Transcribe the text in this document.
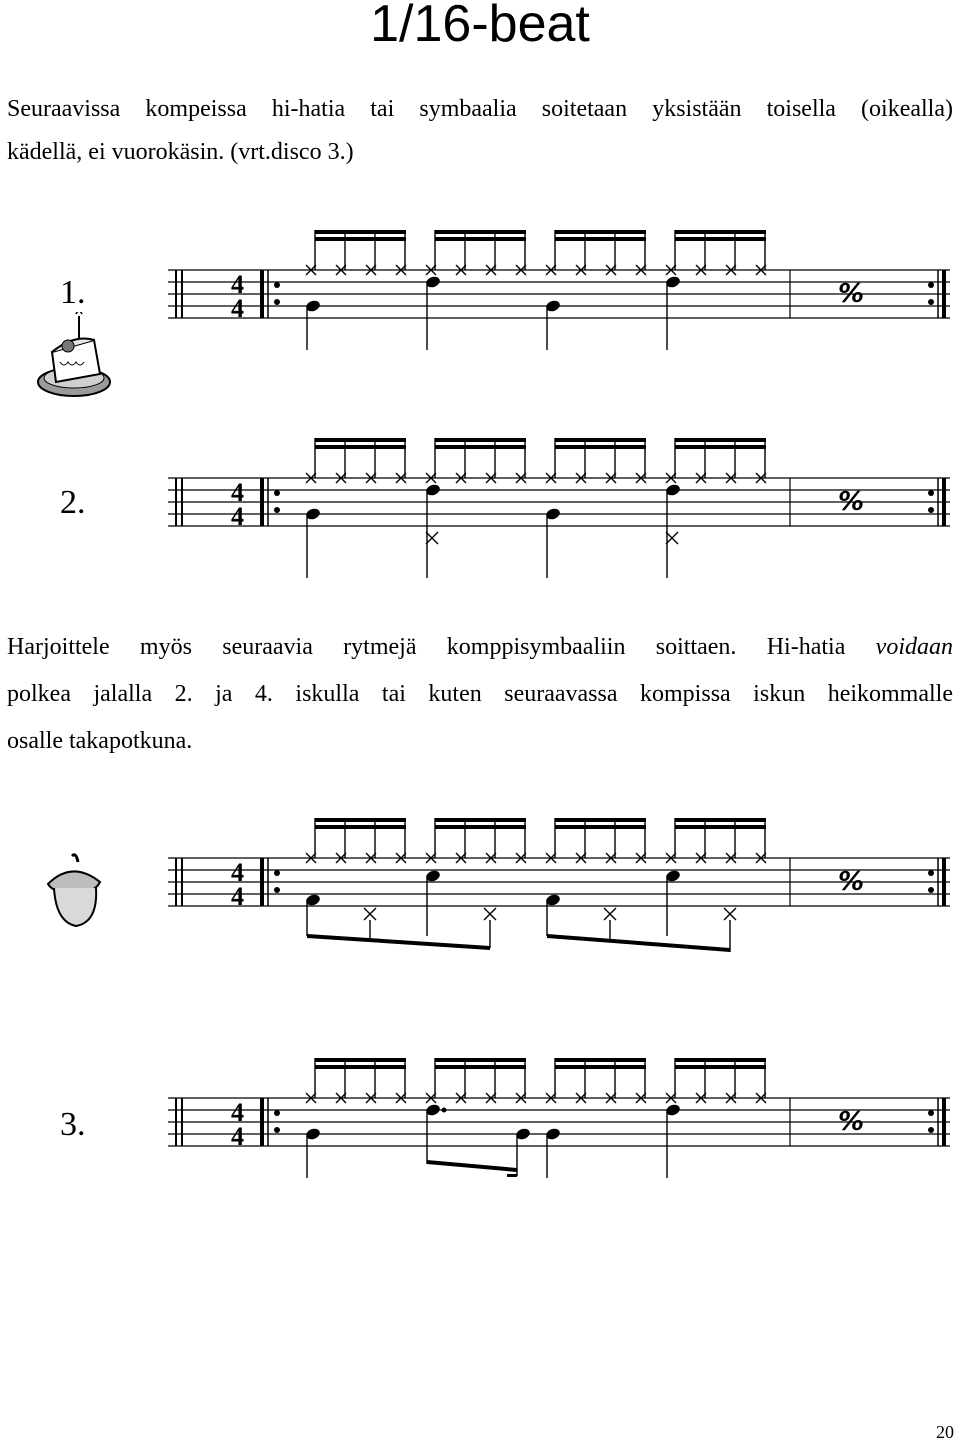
1/16-beat
Seuraavissa kompeissa hi-hatia tai symbaalia soitetaan yksistään toisella (oikealla)
kädellä, ei vuorokäsin. (vrt.disco 3.)
1.	4
4	%
2.	4
4	%
Harjoittele myös seuraavia rytmejä komppisymbaaliin soittaen. Hi-hatia voidaan
polkea jalalla 2. ja 4. iskulla tai kuten seuraavassa kompissa iskun heikommalle
osalle takapotkuna.
4
4	%
3.	4
4	%
20
